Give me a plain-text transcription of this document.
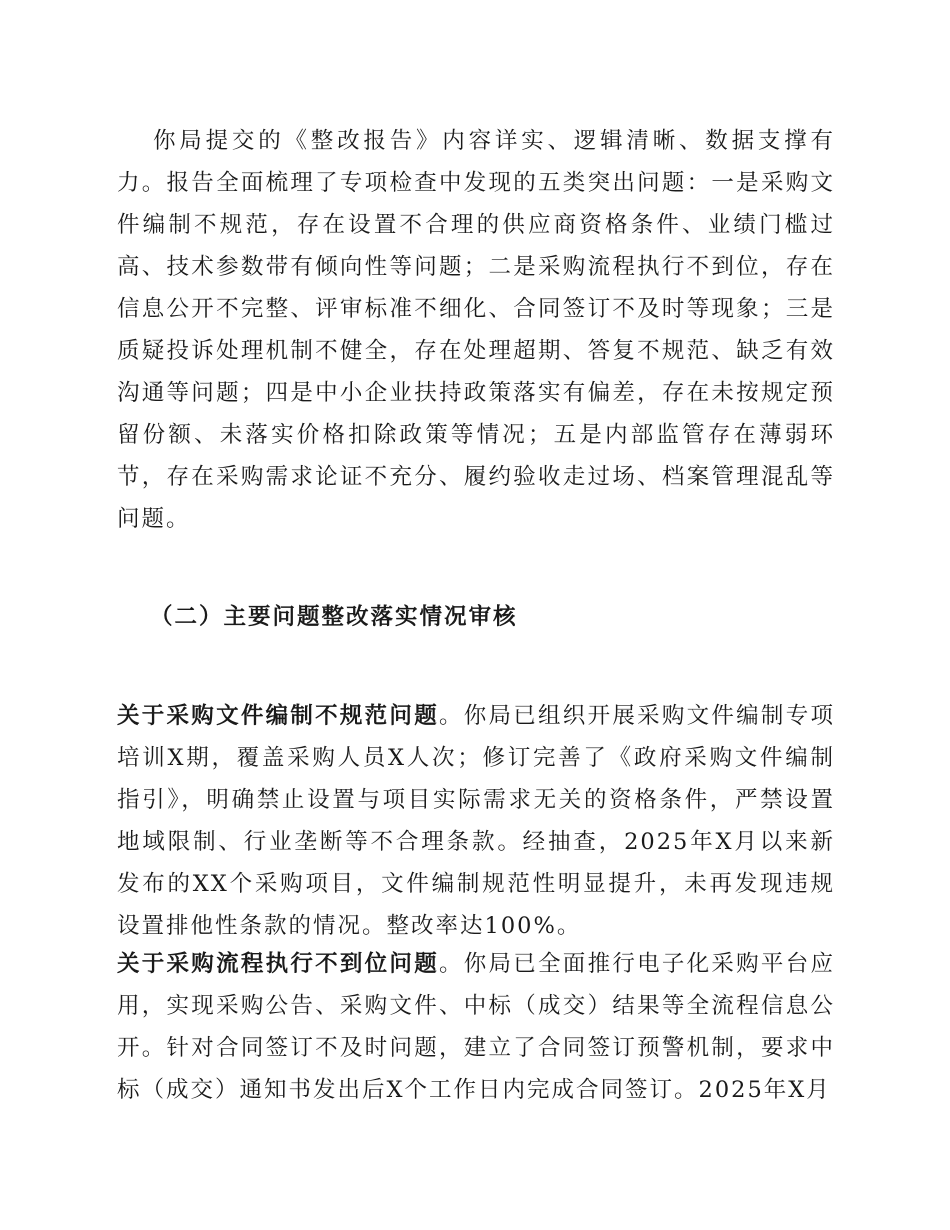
你局提交的《整改报告》内容详实、逻辑清晰、数据支撑有力。报告全面梳理了专项检查中发现的五类突出问题：一是采购文件编制不规范，存在设置不合理的供应商资格条件、业绩门槛过高、技术参数带有倾向性等问题；二是采购流程执行不到位，存在信息公开不完整、评审标准不细化、合同签订不及时等现象；三是质疑投诉处理机制不健全，存在处理超期、答复不规范、缺乏有效沟通等问题；四是中小企业扶持政策落实有偏差，存在未按规定预留份额、未落实价格扣除政策等情况；五是内部监管存在薄弱环节，存在采购需求论证不充分、履约验收走过场、档案管理混乱等问题。

（二）主要问题整改落实情况审核

关于采购文件编制不规范问题。你局已组织开展采购文件编制专项培训X期，覆盖采购人员X人次；修订完善了《政府采购文件编制指引》，明确禁止设置与项目实际需求无关的资格条件，严禁设置地域限制、行业垄断等不合理条款。经抽查，2025年X月以来新发布的XX个采购项目，文件编制规范性明显提升，未再发现违规设置排他性条款的情况。整改率达100%。

关于采购流程执行不到位问题。你局已全面推行电子化采购平台应用，实现采购公告、采购文件、中标（成交）结果等全流程信息公开。针对合同签订不及时问题，建立了合同签订预警机制，要求中标（成交）通知书发出后X个工作日内完成合同签订。2025年X月
